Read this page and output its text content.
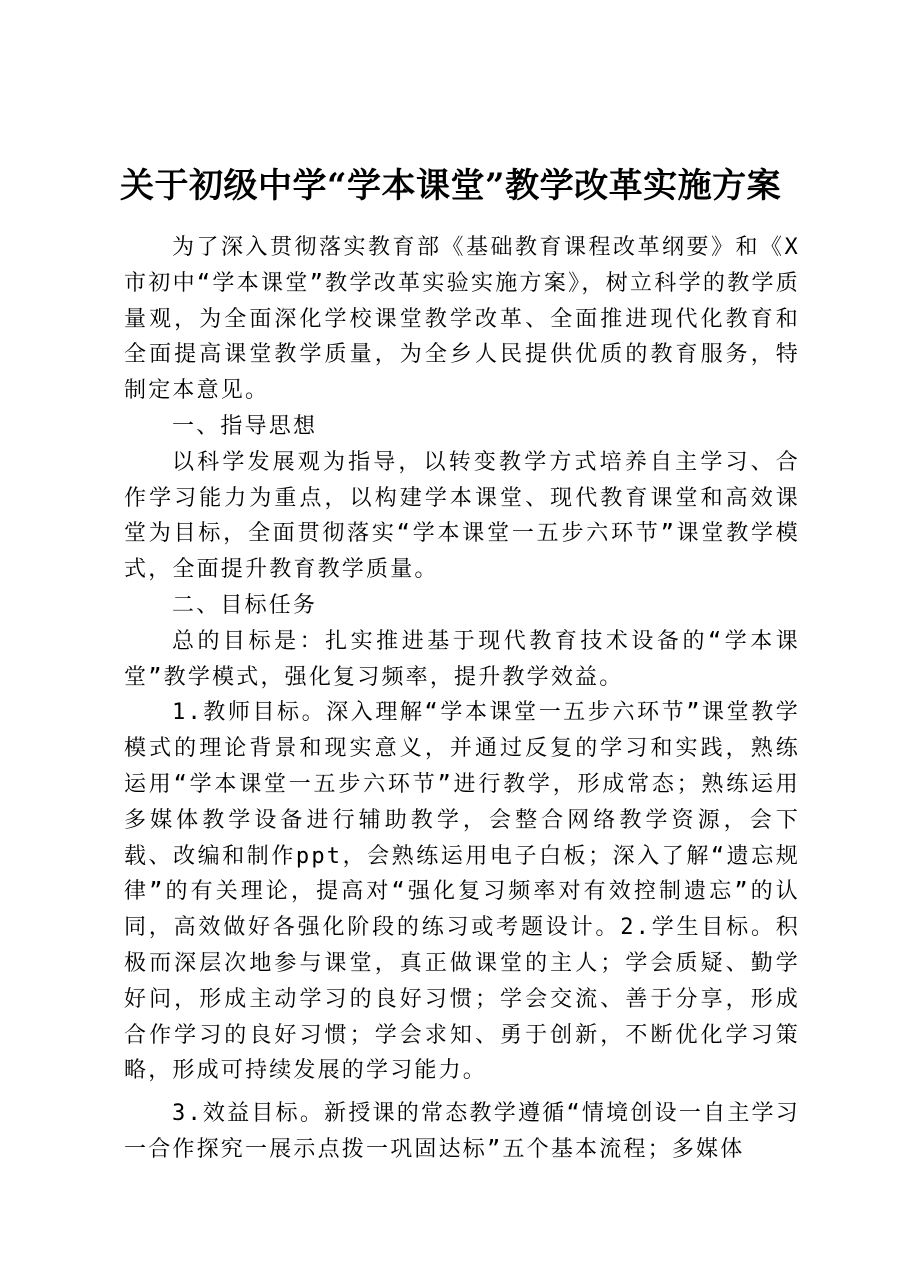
关于初级中学“学本课堂”教学改革实施方案

为了深入贯彻落实教育部《基础教育课程改革纲要》和《X市初中“学本课堂”教学改革实验实施方案》，树立科学的教学质量观，为全面深化学校课堂教学改革、全面推进现代化教育和全面提高课堂教学质量，为全乡人民提供优质的教育服务，特制定本意见。

一、指导思想

以科学发展观为指导，以转变教学方式培养自主学习、合作学习能力为重点，以构建学本课堂、现代教育课堂和高效课堂为目标，全面贯彻落实“学本课堂一五步六环节”课堂教学模式，全面提升教育教学质量。

二、目标任务

总的目标是：扎实推进基于现代教育技术设备的“学本课堂”教学模式，强化复习频率，提升教学效益。

1.教师目标。深入理解“学本课堂一五步六环节”课堂教学模式的理论背景和现实意义，并通过反复的学习和实践，熟练运用“学本课堂一五步六环节”进行教学，形成常态；熟练运用多媒体教学设备进行辅助教学，会整合网络教学资源，会下载、改编和制作ppt，会熟练运用电子白板；深入了解“遗忘规律”的有关理论，提高对“强化复习频率对有效控制遗忘”的认同，高效做好各强化阶段的练习或考题设计。2.学生目标。积极而深层次地参与课堂，真正做课堂的主人；学会质疑、勤学好问，形成主动学习的良好习惯；学会交流、善于分享，形成合作学习的良好习惯；学会求知、勇于创新，不断优化学习策略，形成可持续发展的学习能力。

3.效益目标。新授课的常态教学遵循“情境创设一自主学习一合作探究一展示点拨一巩固达标”五个基本流程；多媒体
